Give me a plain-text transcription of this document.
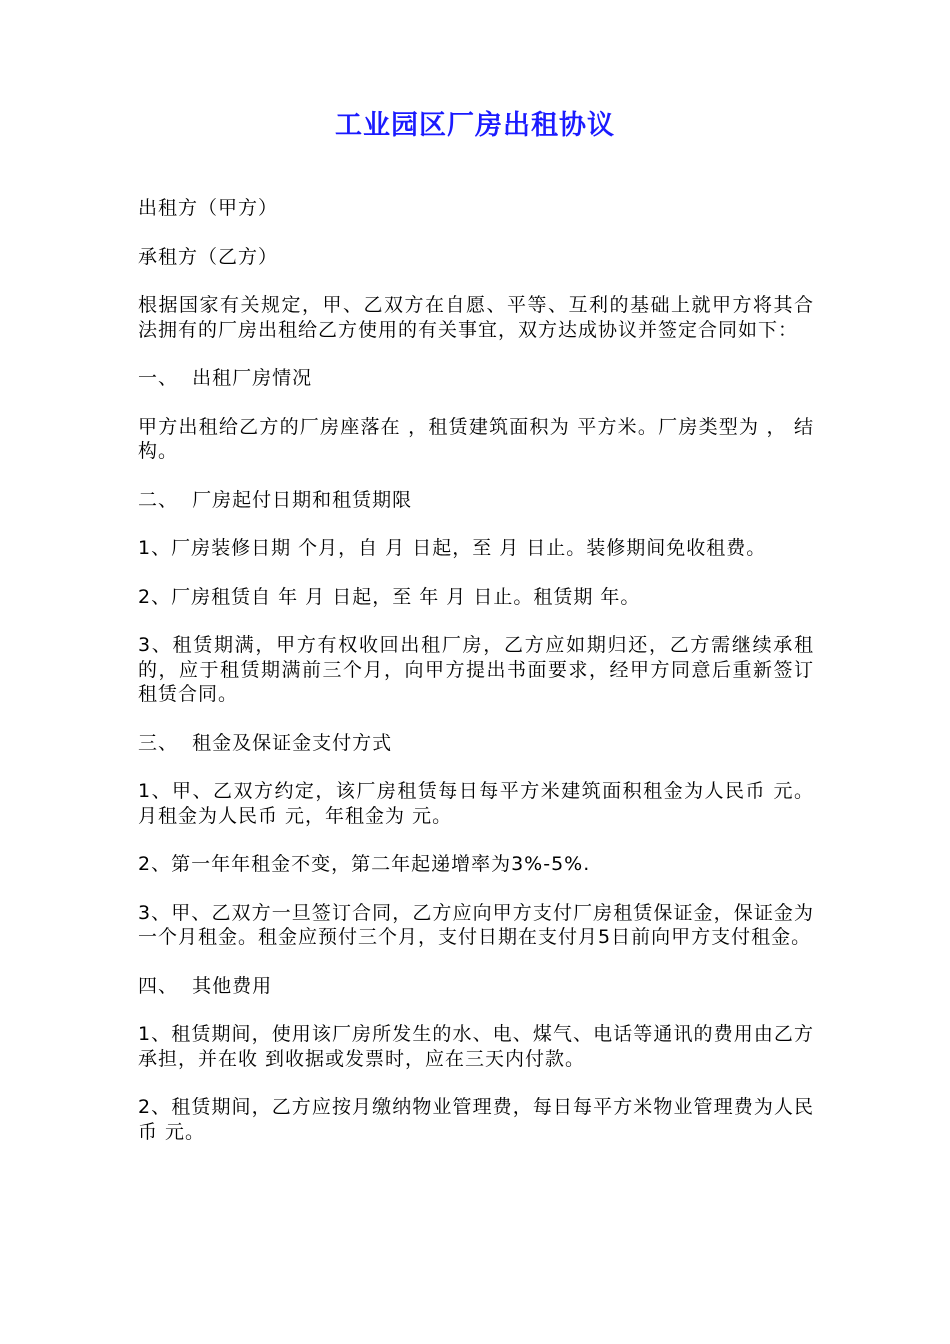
工业园区厂房出租协议

出租方（甲方）

承租方（乙方）

根据国家有关规定，甲、乙双方在自愿、平等、互利的基础上就甲方将其合法拥有的厂房出租给乙方使用的有关事宜，双方达成协议并签定合同如下：

一、  出租厂房情况

甲方出租给乙方的厂房座落在 ，租赁建筑面积为 平方米。厂房类型为 ， 结构。

二、  厂房起付日期和租赁期限

1、厂房装修日期 个月，自 月 日起，至 月 日止。装修期间免收租费。

2、厂房租赁自 年 月 日起，至 年 月 日止。租赁期 年。

3、租赁期满，甲方有权收回出租厂房，乙方应如期归还，乙方需继续承租的，应于租赁期满前三个月，向甲方提出书面要求，经甲方同意后重新签订租赁合同。

三、  租金及保证金支付方式

1、甲、乙双方约定，该厂房租赁每日每平方米建筑面积租金为人民币 元。月租金为人民币 元，年租金为 元。

2、第一年年租金不变，第二年起递增率为3%-5%.

3、甲、乙双方一旦签订合同，乙方应向甲方支付厂房租赁保证金，保证金为一个月租金。租金应预付三个月，支付日期在支付月5日前向甲方支付租金。

四、  其他费用

1、租赁期间，使用该厂房所发生的水、电、煤气、电话等通讯的费用由乙方承担，并在收 到收据或发票时，应在三天内付款。

2、租赁期间，乙方应按月缴纳物业管理费，每日每平方米物业管理费为人民币 元。
